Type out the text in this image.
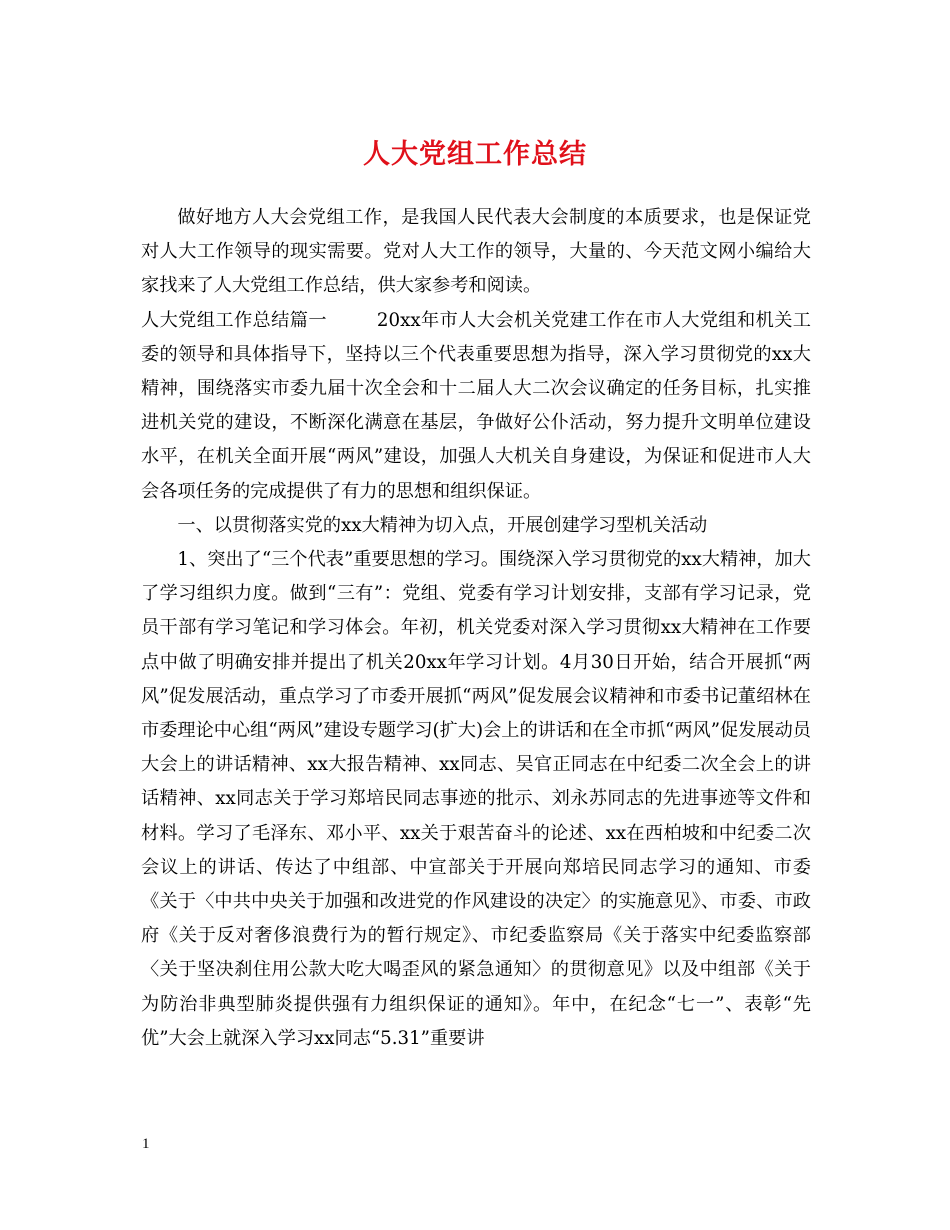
人大党组工作总结

做好地方人大会党组工作，是我国人民代表大会制度的本质要求，也是保证党对人大工作领导的现实需要。党对人大工作的领导，大量的、今天范文网小编给大家找来了人大党组工作总结，供大家参考和阅读。

人大党组工作总结篇一	20xx年市人大会机关党建工作在市人大党组和机关工委的领导和具体指导下，坚持以三个代表重要思想为指导，深入学习贯彻党的xx大精神，围绕落实市委九届十次全会和十二届人大二次会议确定的任务目标，扎实推进机关党的建设，不断深化满意在基层，争做好公仆活动，努力提升文明单位建设水平，在机关全面开展“两风”建设，加强人大机关自身建设，为保证和促进市人大会各项任务的完成提供了有力的思想和组织保证。

一、以贯彻落实党的xx大精神为切入点，开展创建学习型机关活动

1、突出了“三个代表”重要思想的学习。围绕深入学习贯彻党的xx大精神，加大了学习组织力度。做到“三有”：党组、党委有学习计划安排，支部有学习记录，党员干部有学习笔记和学习体会。年初，机关党委对深入学习贯彻xx大精神在工作要点中做了明确安排并提出了机关20xx年学习计划。4月30日开始，结合开展抓“两风”促发展活动，重点学习了市委开展抓“两风”促发展会议精神和市委书记董绍林在市委理论中心组“两风”建设专题学习(扩大)会上的讲话和在全市抓“两风”促发展动员大会上的讲话精神、xx大报告精神、xx同志、吴官正同志在中纪委二次全会上的讲话精神、xx同志关于学习郑培民同志事迹的批示、刘永苏同志的先进事迹等文件和材料。学习了毛泽东、邓小平、xx关于艰苦奋斗的论述、xx在西柏坡和中纪委二次会议上的讲话、传达了中组部、中宣部关于开展向郑培民同志学习的通知、市委《关于〈中共中央关于加强和改进党的作风建设的决定〉的实施意见》、市委、市政府《关于反对奢侈浪费行为的暂行规定》、市纪委监察局《关于落实中纪委监察部〈关于坚决刹住用公款大吃大喝歪风的紧急通知〉的贯彻意见》以及中组部《关于为防治非典型肺炎提供强有力组织保证的通知》。年中，在纪念“七一”、表彰“先优”大会上就深入学习xx同志“5.31”重要讲

1
